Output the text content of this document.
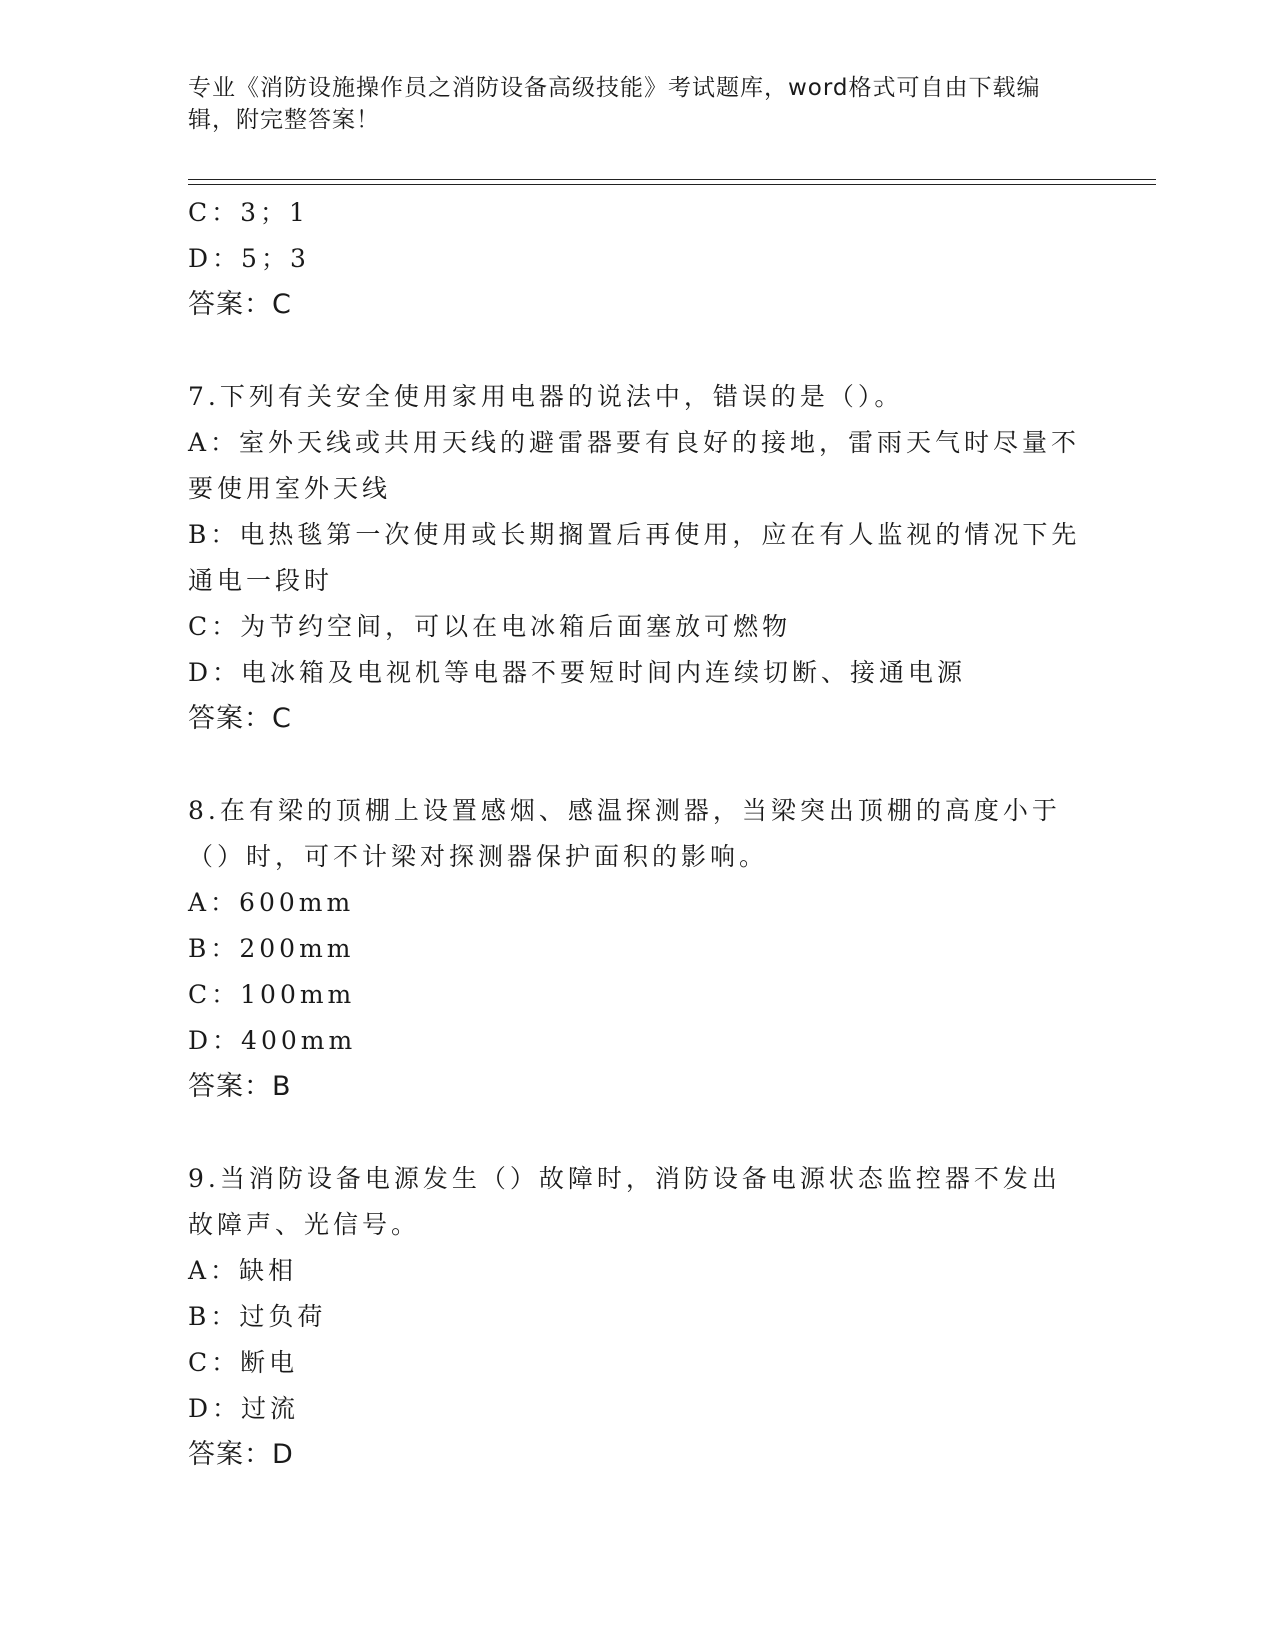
专业《消防设施操作员之消防设备高级技能》考试题库，word格式可自由下载编辑，附完整答案！
C：3；1
D：5；3
答案：C
7.下列有关安全使用家用电器的说法中，错误的是（）。
A：室外天线或共用天线的避雷器要有良好的接地，雷雨天气时尽量不要使用室外天线
B：电热毯第一次使用或长期搁置后再使用，应在有人监视的情况下先通电一段时
C：为节约空间，可以在电冰箱后面塞放可燃物
D：电冰箱及电视机等电器不要短时间内连续切断、接通电源
答案：C
8.在有梁的顶棚上设置感烟、感温探测器，当梁突出顶棚的高度小于（）时，可不计梁对探测器保护面积的影响。
A：600mm
B：200mm
C：100mm
D：400mm
答案：B
9.当消防设备电源发生（）故障时，消防设备电源状态监控器不发出故障声、光信号。
A：缺相
B：过负荷
C：断电
D：过流
答案：D
